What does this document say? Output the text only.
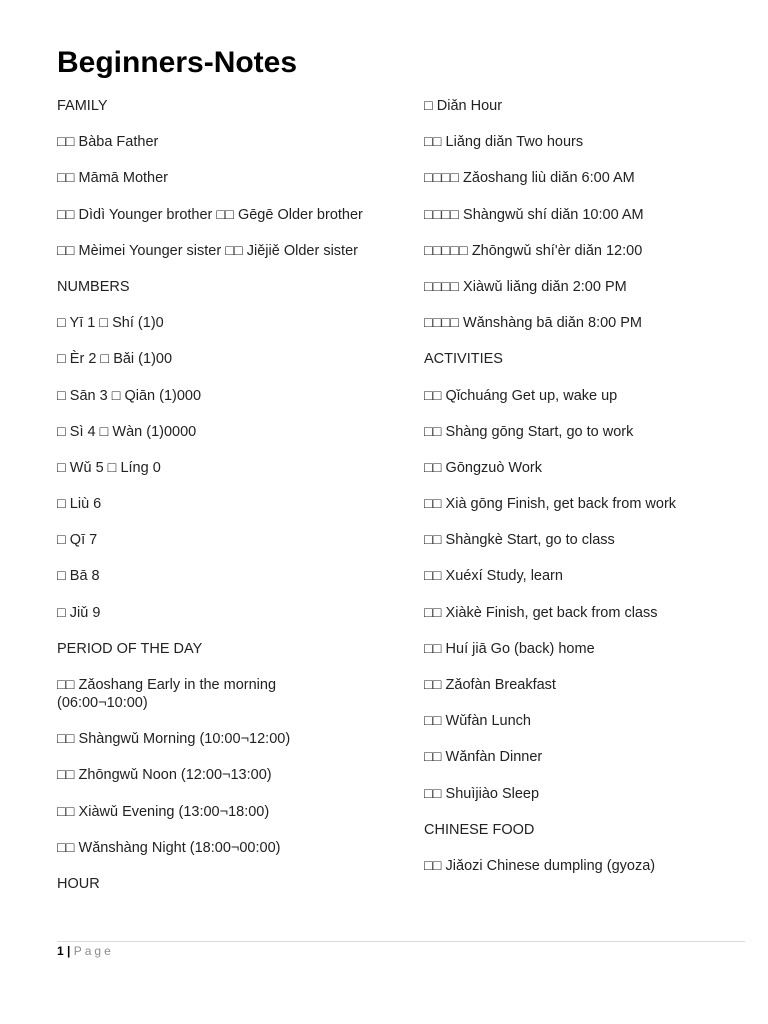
Beginners-Notes
FAMILY
□□ Bàba Father
□□ Māmā Mother
□□ Dìdì Younger brother □□ Gēgē Older brother
□□ Mèimei Younger sister □□ Jiějiě Older sister
NUMBERS
□ Yī 1 □ Shí (1)0
□ Èr 2 □ Bǎi (1)00
□ Sān 3 □ Qiān (1)000
□ Sì 4 □ Wàn (1)0000
□ Wǔ 5 □ Líng 0
□ Liù 6
□ Qī 7
□ Bā 8
□ Jiǔ 9
PERIOD OF THE DAY
□□ Zǎoshang Early in the morning (06:00¬10:00)
□□ Shàngwǔ Morning (10:00¬12:00)
□□ Zhōngwǔ Noon (12:00¬13:00)
□□ Xiàwǔ Evening (13:00¬18:00)
□□ Wǎnshàng Night (18:00¬00:00)
HOUR
□ Diǎn Hour
□□ Liǎng diǎn Two hours
□□□□ Zǎoshang liù diǎn 6:00 AM
□□□□ Shàngwǔ shí diǎn 10:00 AM
□□□□□ Zhōngwǔ shí'èr diǎn 12:00
□□□□ Xiàwǔ liǎng diǎn 2:00 PM
□□□□ Wǎnshàng bā diǎn 8:00 PM
ACTIVITIES
□□ Qǐchuáng Get up, wake up
□□ Shàng gōng Start, go to work
□□ Gōngzuò Work
□□ Xià gōng Finish, get back from work
□□ Shàngkè Start, go to class
□□ Xuéxí Study, learn
□□ Xiàkè Finish, get back from class
□□ Huí jiā Go (back) home
□□ Zǎofàn Breakfast
□□ Wǔfàn Lunch
□□ Wǎnfàn Dinner
□□ Shuìjiào Sleep
CHINESE FOOD
□□ Jiǎozi Chinese dumpling (gyoza)
1 | Page
